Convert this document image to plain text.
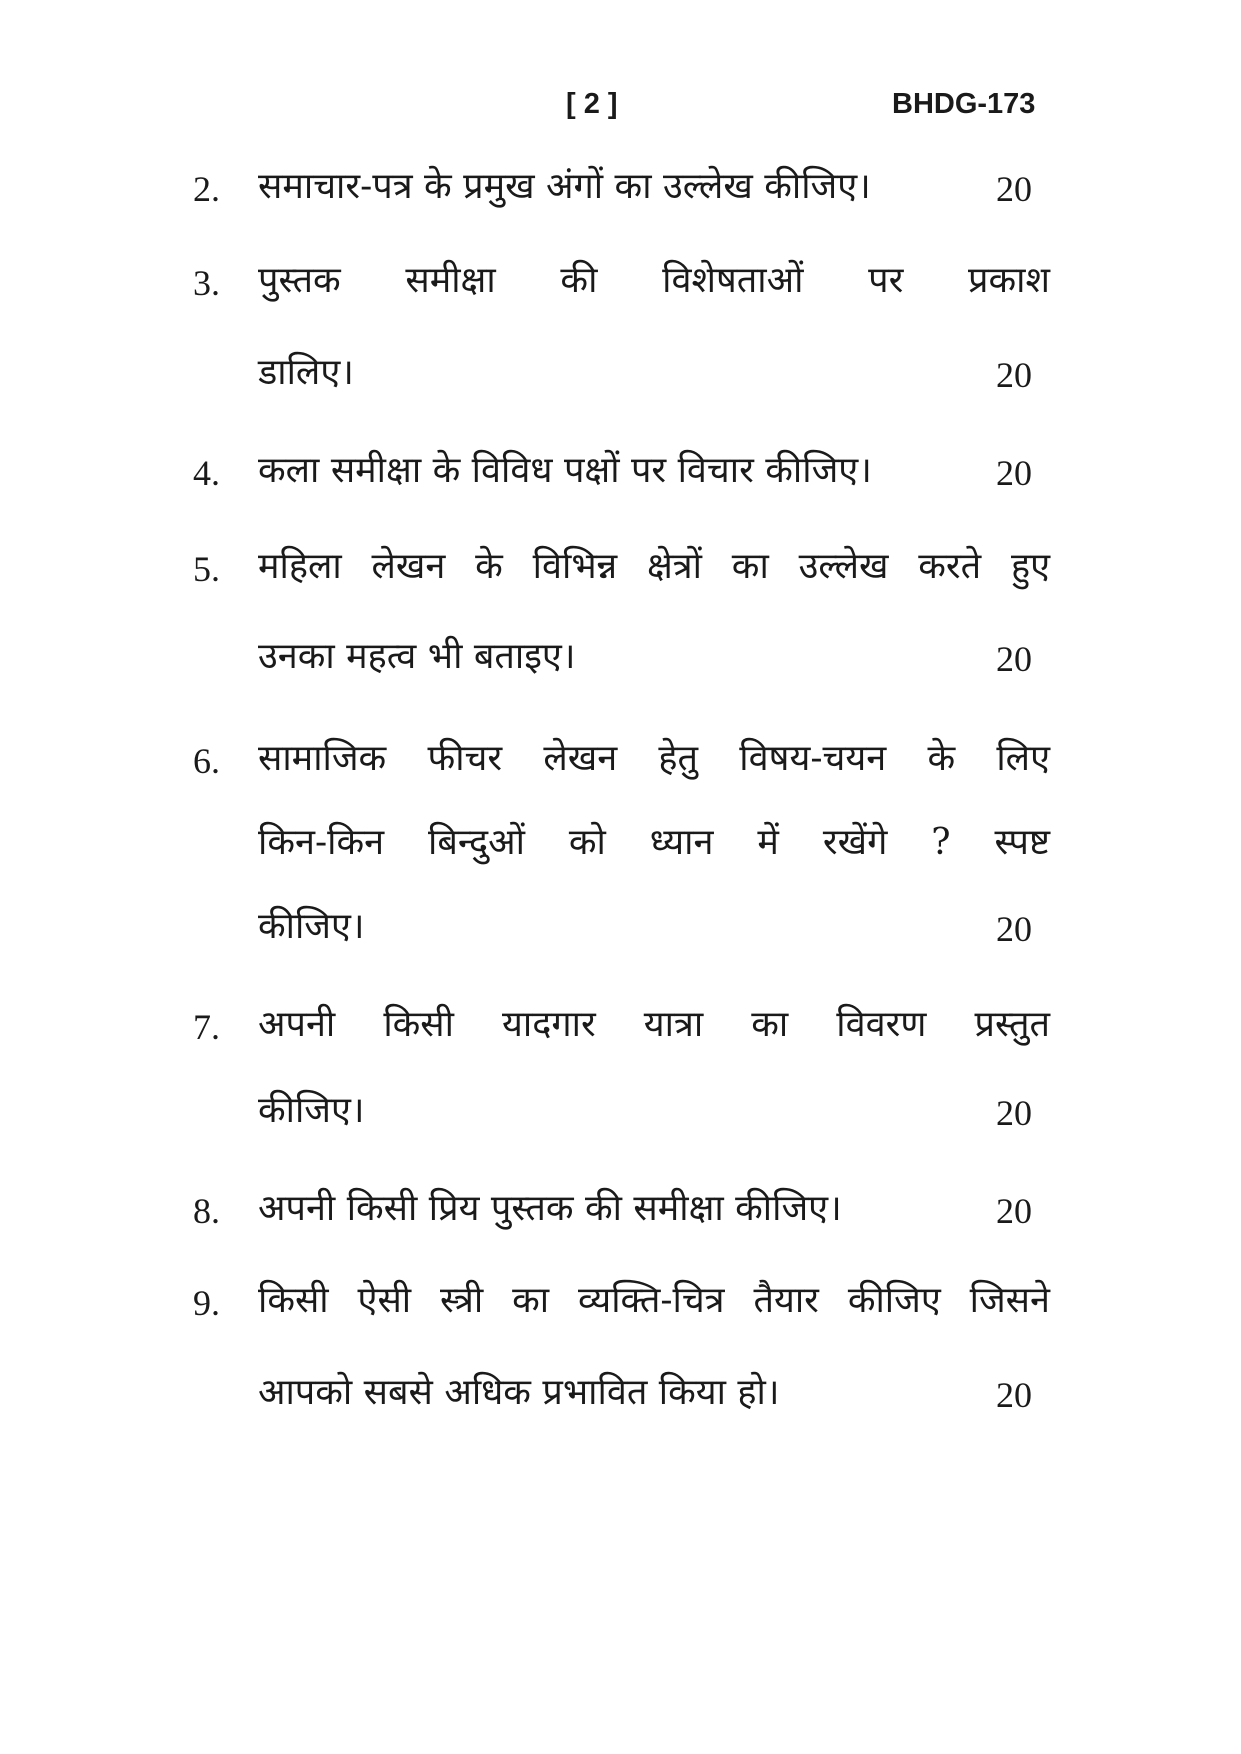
[ 2 ]	BHDG-173
2. समाचार-पत्र के प्रमुख अंगों का उल्लेख कीजिए।	20
3. पुस्तक समीक्षा की विशेषताओं पर प्रकाश
डालिए।	20
4. कला समीक्षा के विविध पक्षों पर विचार कीजिए।	20
5. महिला लेखन के विभिन्न क्षेत्रों का उल्लेख करते हुए
उनका महत्व भी बताइए।	20
6. सामाजिक फीचर लेखन हेतु विषय-चयन के लिए
किन-किन बिन्दुओं को ध्यान में रखेंगे ? स्पष्ट
कीजिए।	20
7. अपनी किसी यादगार यात्रा का विवरण प्रस्तुत
कीजिए।	20
8. अपनी किसी प्रिय पुस्तक की समीक्षा कीजिए।	20
9. किसी ऐसी स्त्री का व्यक्ति-चित्र तैयार कीजिए जिसने
आपको सबसे अधिक प्रभावित किया हो।	20
